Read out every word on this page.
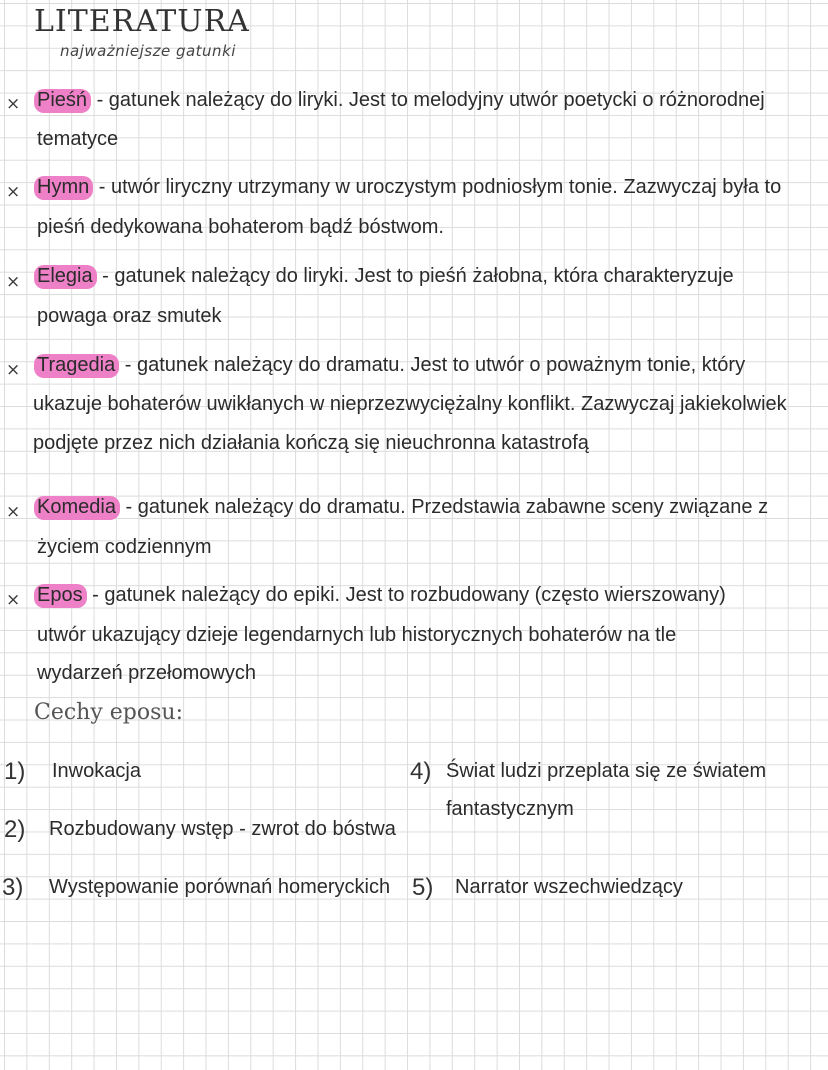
LITERATURA
najważniejsze gatunki
× Pieśń - gatunek należący do liryki. Jest to melodyjny utwór poetycki o różnorodnej
tematyce
× Hymn - utwór liryczny utrzymany w uroczystym podniosłym tonie. Zazwyczaj była to
pieśń dedykowana bohaterom bądź bóstwom.
× Elegia - gatunek należący do liryki. Jest to pieśń żałobna, która charakteryzuje
powaga oraz smutek
× Tragedia - gatunek należący do dramatu. Jest to utwór o poważnym tonie, który
ukazuje bohaterów uwikłanych w nieprzezwyciężalny konflikt. Zazwyczaj jakiekolwiek
podjęte przez nich działania kończą się nieuchronna katastrofą
× Komedia - gatunek należący do dramatu. Przedstawia zabawne sceny związane z
życiem codziennym
× Epos - gatunek należący do epiki. Jest to rozbudowany (często wierszowany)
utwór ukazujący dzieje legendarnych lub historycznych bohaterów na tle
wydarzeń przełomowych
Cechy eposu:
1) Inwokacja
2) Rozbudowany wstęp - zwrot do bóstwa
3) Występowanie porównań homeryckich
4) Świat ludzi przeplata się ze światem
fantastycznym
5) Narrator wszechwiedzący
